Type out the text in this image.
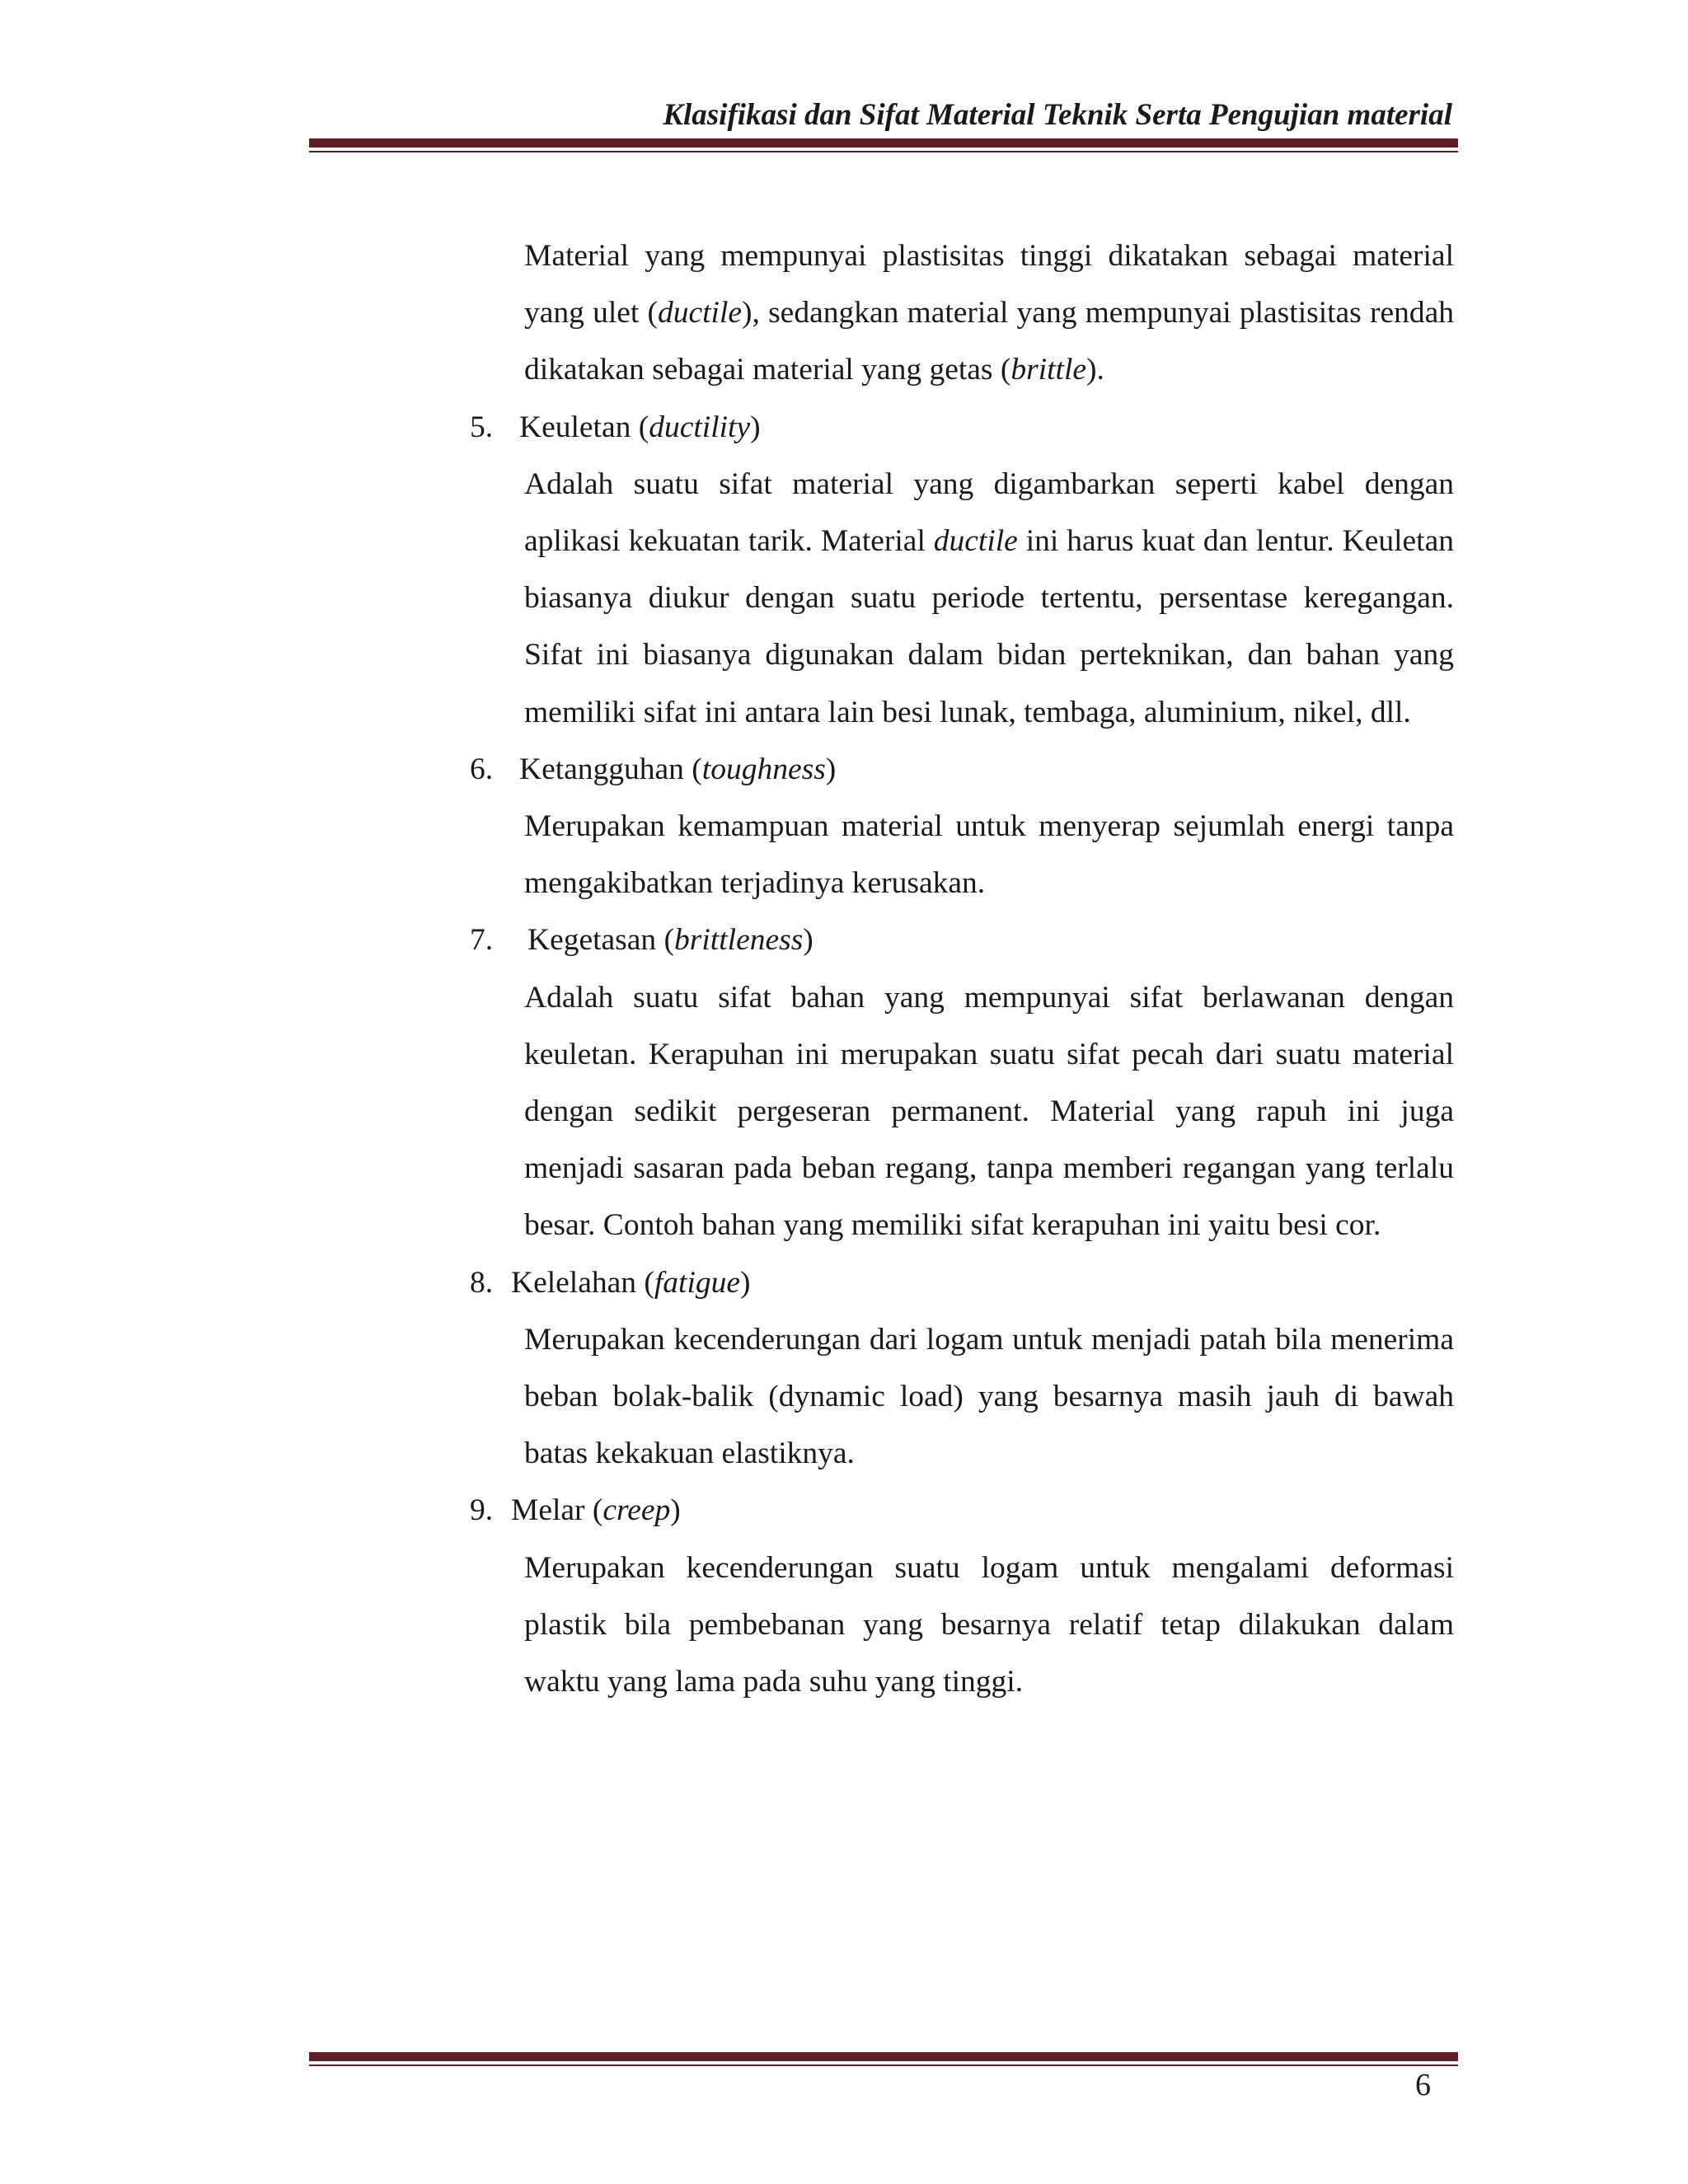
Klasifikasi dan Sifat Material Teknik Serta Pengujian material
Material yang mempunyai plastisitas tinggi dikatakan sebagai material yang ulet (ductile), sedangkan material yang mempunyai plastisitas rendah dikatakan sebagai material yang getas (brittle).
5. Keuletan (ductility)
Adalah suatu sifat material yang digambarkan seperti kabel dengan aplikasi kekuatan tarik. Material ductile ini harus kuat dan lentur. Keuletan biasanya diukur dengan suatu periode tertentu, persentase keregangan. Sifat ini biasanya digunakan dalam bidan perteknikan, dan bahan yang memiliki sifat ini antara lain besi lunak, tembaga, aluminium, nikel, dll.
6. Ketangguhan (toughness)
Merupakan kemampuan material untuk menyerap sejumlah energi tanpa mengakibatkan terjadinya kerusakan.
7. Kegetasan (brittleness)
Adalah suatu sifat bahan yang mempunyai sifat berlawanan dengan keuletan. Kerapuhan ini merupakan suatu sifat pecah dari suatu material dengan sedikit pergeseran permanent. Material yang rapuh ini juga menjadi sasaran pada beban regang, tanpa memberi regangan yang terlalu besar. Contoh bahan yang memiliki sifat kerapuhan ini yaitu besi cor.
8. Kelelahan (fatigue)
Merupakan kecenderungan dari logam untuk menjadi patah bila menerima beban bolak-balik (dynamic load) yang besarnya masih jauh di bawah batas kekakuan elastiknya.
9. Melar (creep)
Merupakan kecenderungan suatu logam untuk mengalami deformasi plastik bila pembebanan yang besarnya relatif tetap dilakukan dalam waktu yang lama pada suhu yang tinggi.
6
